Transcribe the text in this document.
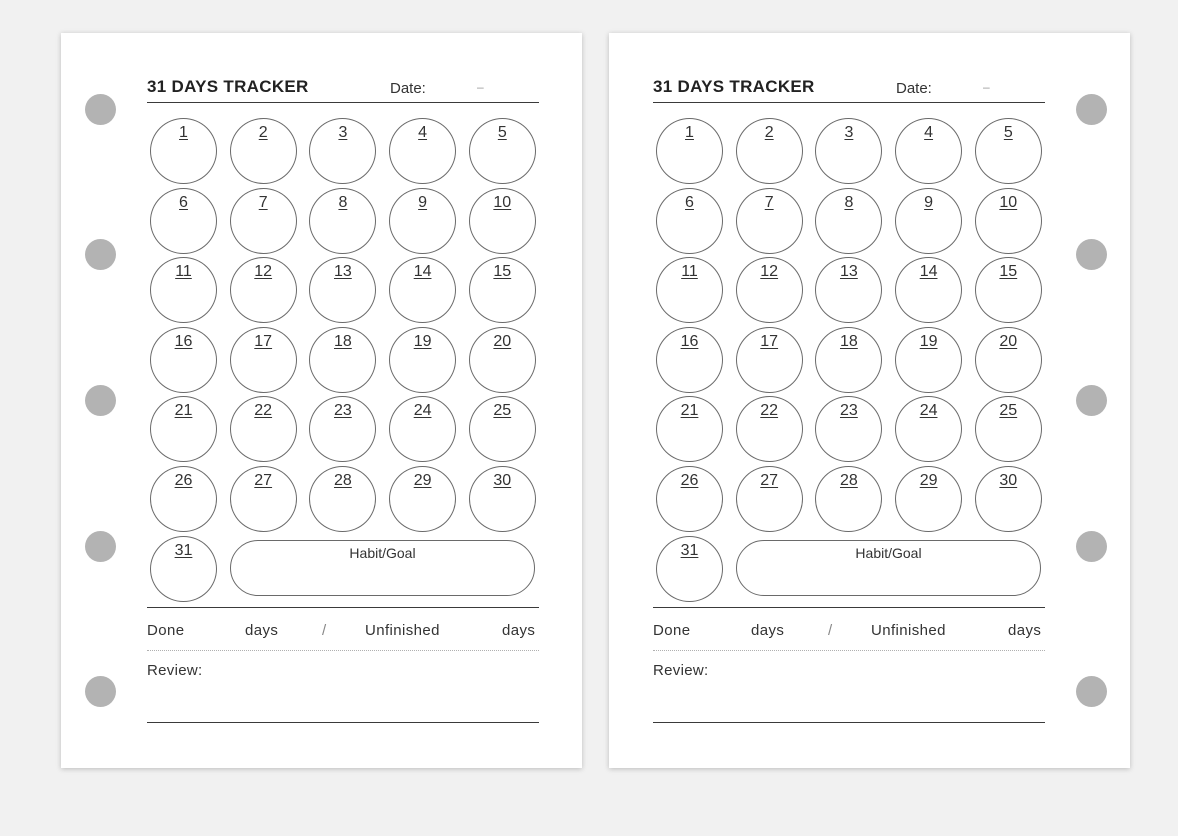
31 DAYS TRACKER	Date:	–
1	2	3	4	5
6	7	8	9	10
11	12	13	14	15
16	17	18	19	20
21	22	23	24	25
26	27	28	29	30
31	Habit/Goal
Done	days	/	Unfinished	days
Review:
31 DAYS TRACKER	Date:	–
1	2	3	4	5
6	7	8	9	10
11	12	13	14	15
16	17	18	19	20
21	22	23	24	25
26	27	28	29	30
31	Habit/Goal
Done	days	/	Unfinished	days
Review:
